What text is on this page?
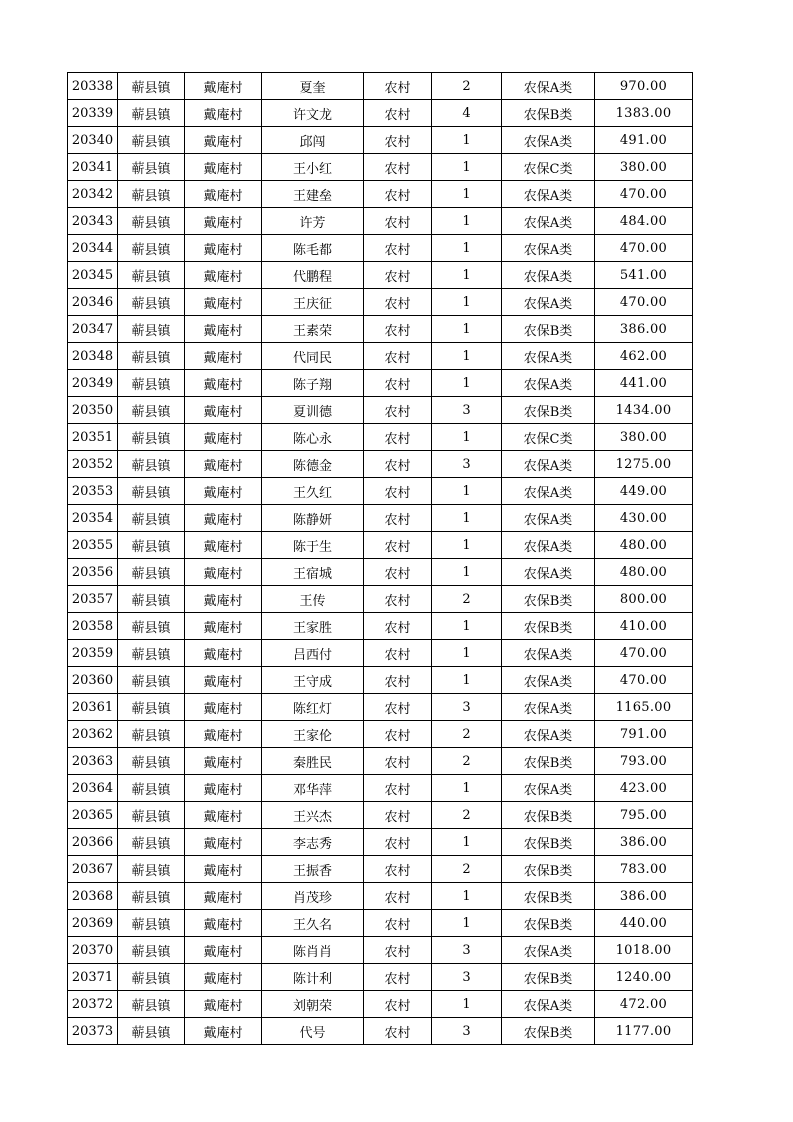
20338	蕲县镇	戴庵村	夏奎	农村	2	农保A类	970.00
20339	蕲县镇	戴庵村	许文龙	农村	4	农保B类	1383.00
20340	蕲县镇	戴庵村	邱闯	农村	1	农保A类	491.00
20341	蕲县镇	戴庵村	王小红	农村	1	农保C类	380.00
20342	蕲县镇	戴庵村	王建垒	农村	1	农保A类	470.00
20343	蕲县镇	戴庵村	许芳	农村	1	农保A类	484.00
20344	蕲县镇	戴庵村	陈毛都	农村	1	农保A类	470.00
20345	蕲县镇	戴庵村	代鹏程	农村	1	农保A类	541.00
20346	蕲县镇	戴庵村	王庆征	农村	1	农保A类	470.00
20347	蕲县镇	戴庵村	王素荣	农村	1	农保B类	386.00
20348	蕲县镇	戴庵村	代同民	农村	1	农保A类	462.00
20349	蕲县镇	戴庵村	陈子翔	农村	1	农保A类	441.00
20350	蕲县镇	戴庵村	夏训德	农村	3	农保B类	1434.00
20351	蕲县镇	戴庵村	陈心永	农村	1	农保C类	380.00
20352	蕲县镇	戴庵村	陈德金	农村	3	农保A类	1275.00
20353	蕲县镇	戴庵村	王久红	农村	1	农保A类	449.00
20354	蕲县镇	戴庵村	陈静妍	农村	1	农保A类	430.00
20355	蕲县镇	戴庵村	陈于生	农村	1	农保A类	480.00
20356	蕲县镇	戴庵村	王宿城	农村	1	农保A类	480.00
20357	蕲县镇	戴庵村	王传	农村	2	农保B类	800.00
20358	蕲县镇	戴庵村	王家胜	农村	1	农保B类	410.00
20359	蕲县镇	戴庵村	吕西付	农村	1	农保A类	470.00
20360	蕲县镇	戴庵村	王守成	农村	1	农保A类	470.00
20361	蕲县镇	戴庵村	陈红灯	农村	3	农保A类	1165.00
20362	蕲县镇	戴庵村	王家伦	农村	2	农保A类	791.00
20363	蕲县镇	戴庵村	秦胜民	农村	2	农保B类	793.00
20364	蕲县镇	戴庵村	邓华萍	农村	1	农保A类	423.00
20365	蕲县镇	戴庵村	王兴杰	农村	2	农保B类	795.00
20366	蕲县镇	戴庵村	李志秀	农村	1	农保B类	386.00
20367	蕲县镇	戴庵村	王振香	农村	2	农保B类	783.00
20368	蕲县镇	戴庵村	肖茂珍	农村	1	农保B类	386.00
20369	蕲县镇	戴庵村	王久名	农村	1	农保B类	440.00
20370	蕲县镇	戴庵村	陈肖肖	农村	3	农保A类	1018.00
20371	蕲县镇	戴庵村	陈计利	农村	3	农保B类	1240.00
20372	蕲县镇	戴庵村	刘朝荣	农村	1	农保A类	472.00
20373	蕲县镇	戴庵村	代号	农村	3	农保B类	1177.00
